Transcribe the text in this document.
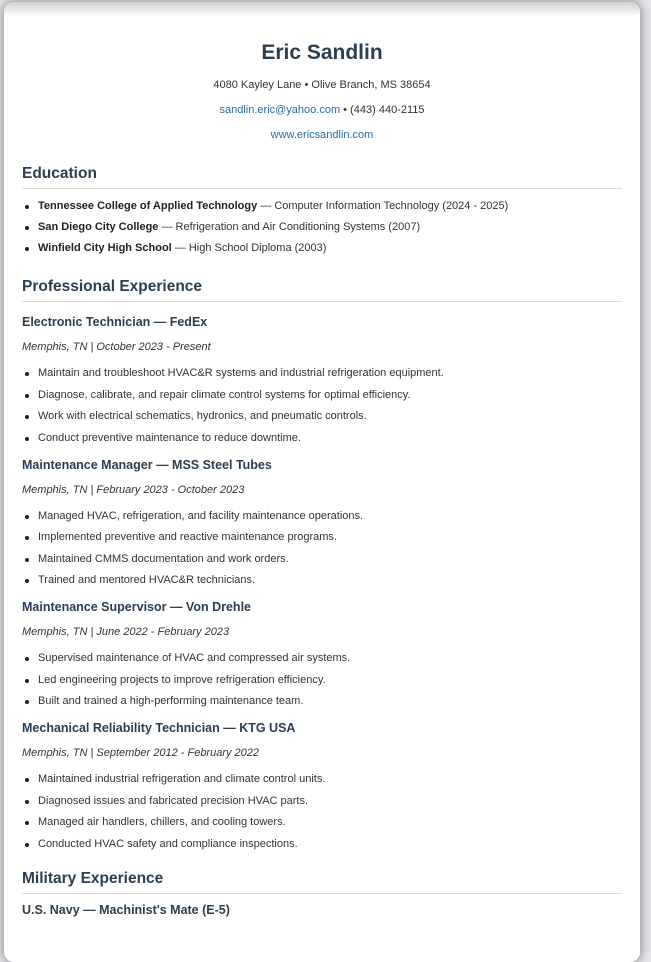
Eric Sandlin
4080 Kayley Lane • Olive Branch, MS 38654
sandlin.eric@yahoo.com • (443) 440-2115
www.ericsandlin.com
Education
Tennessee College of Applied Technology — Computer Information Technology (2024 - 2025)
San Diego City College — Refrigeration and Air Conditioning Systems (2007)
Winfield City High School — High School Diploma (2003)
Professional Experience
Electronic Technician — FedEx
Memphis, TN | October 2023 - Present
Maintain and troubleshoot HVAC&R systems and industrial refrigeration equipment.
Diagnose, calibrate, and repair climate control systems for optimal efficiency.
Work with electrical schematics, hydronics, and pneumatic controls.
Conduct preventive maintenance to reduce downtime.
Maintenance Manager — MSS Steel Tubes
Memphis, TN | February 2023 - October 2023
Managed HVAC, refrigeration, and facility maintenance operations.
Implemented preventive and reactive maintenance programs.
Maintained CMMS documentation and work orders.
Trained and mentored HVAC&R technicians.
Maintenance Supervisor — Von Drehle
Memphis, TN | June 2022 - February 2023
Supervised maintenance of HVAC and compressed air systems.
Led engineering projects to improve refrigeration efficiency.
Built and trained a high-performing maintenance team.
Mechanical Reliability Technician — KTG USA
Memphis, TN | September 2012 - February 2022
Maintained industrial refrigeration and climate control units.
Diagnosed issues and fabricated precision HVAC parts.
Managed air handlers, chillers, and cooling towers.
Conducted HVAC safety and compliance inspections.
Military Experience
U.S. Navy — Machinist's Mate (E-5)
